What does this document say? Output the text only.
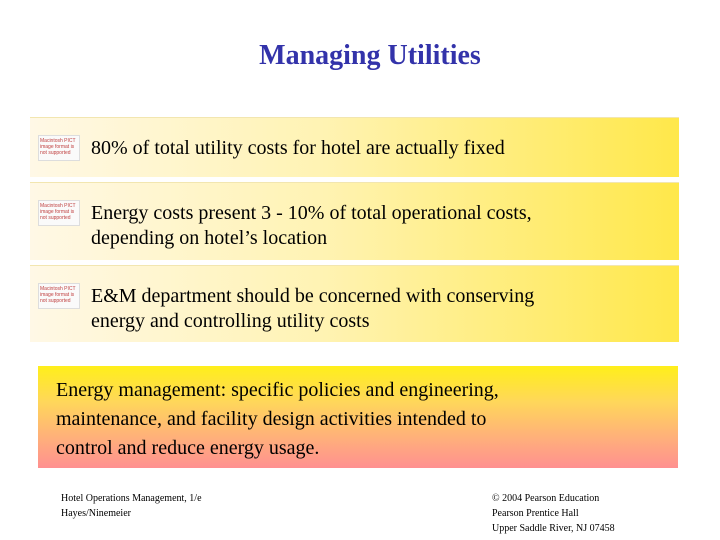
Managing Utilities
Macintosh PICT image format is not supported	80% of total utility costs for hotel are actually fixed
Macintosh PICT image format is not supported	Energy costs present 3 - 10% of total operational costs,
depending on hotel’s location
Macintosh PICT image format is not supported	E&M department should be concerned with conserving
energy and controlling utility costs
Energy management: specific policies and engineering,
maintenance, and facility design activities intended to
control and reduce energy usage.
Hotel Operations Management, 1/e
Hayes/Ninemeier
© 2004 Pearson Education
Pearson Prentice Hall
Upper Saddle River, NJ 07458
